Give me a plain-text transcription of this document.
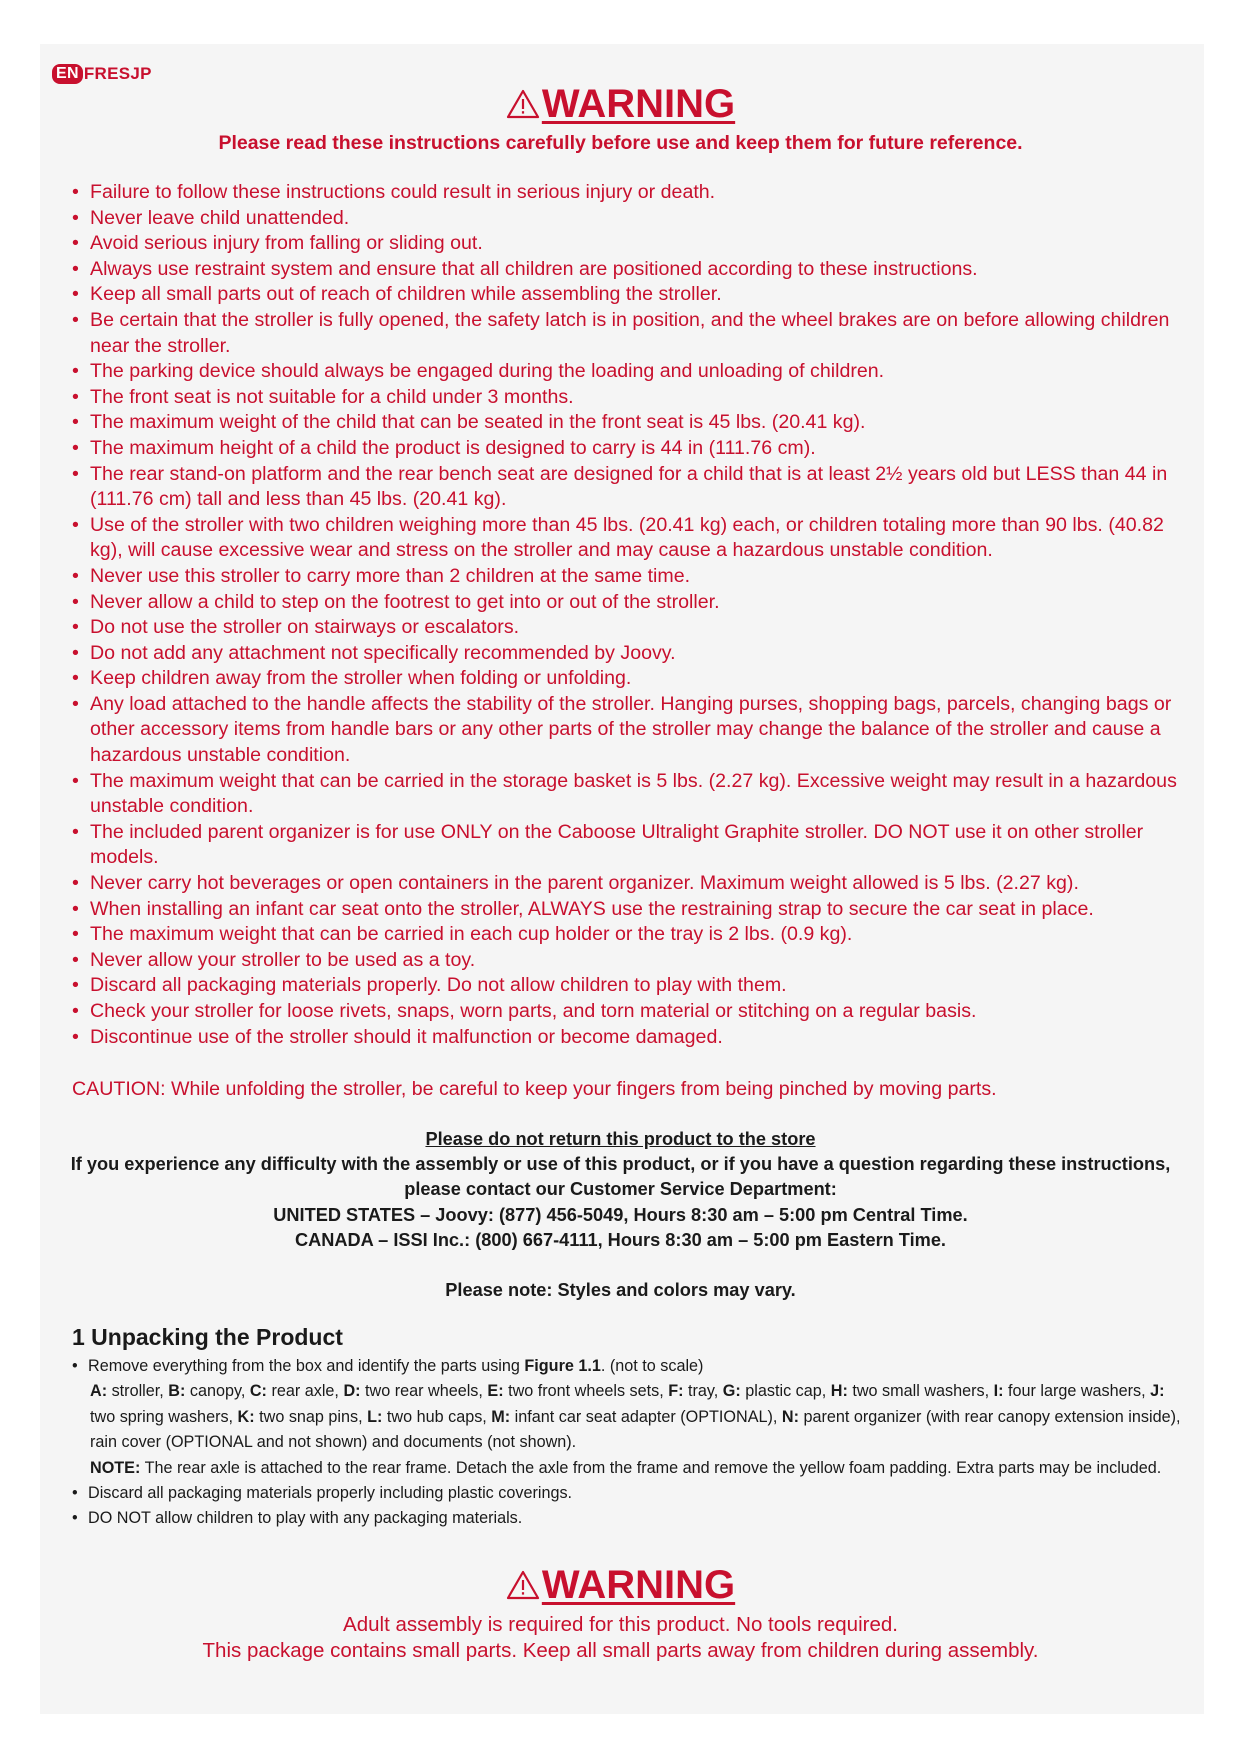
EN FRESJP
WARNING
Please read these instructions carefully before use and keep them for future reference.
• Failure to follow these instructions could result in serious injury or death.
• Never leave child unattended.
• Avoid serious injury from falling or sliding out.
• Always use restraint system and ensure that all children are positioned according to these instructions.
• Keep all small parts out of reach of children while assembling the stroller.
• Be certain that the stroller is fully opened, the safety latch is in position, and the wheel brakes are on before allowing children near the stroller.
• The parking device should always be engaged during the loading and unloading of children.
• The front seat is not suitable for a child under 3 months.
• The maximum weight of the child that can be seated in the front seat is 45 lbs. (20.41 kg).
• The maximum height of a child the product is designed to carry is 44 in (111.76 cm).
• The rear stand-on platform and the rear bench seat are designed for a child that is at least 2½ years old but LESS than 44 in (111.76 cm) tall and less than 45 lbs. (20.41 kg).
• Use of the stroller with two children weighing more than 45 lbs. (20.41 kg) each, or children totaling more than 90 lbs. (40.82 kg), will cause excessive wear and stress on the stroller and may cause a hazardous unstable condition.
• Never use this stroller to carry more than 2 children at the same time.
• Never allow a child to step on the footrest to get into or out of the stroller.
• Do not use the stroller on stairways or escalators.
• Do not add any attachment not specifically recommended by Joovy.
• Keep children away from the stroller when folding or unfolding.
• Any load attached to the handle affects the stability of the stroller. Hanging purses, shopping bags, parcels, changing bags or other accessory items from handle bars or any other parts of the stroller may change the balance of the stroller and cause a hazardous unstable condition.
• The maximum weight that can be carried in the storage basket is 5 lbs. (2.27 kg). Excessive weight may result in a hazardous unstable condition.
• The included parent organizer is for use ONLY on the Caboose Ultralight Graphite stroller. DO NOT use it on other stroller models.
• Never carry hot beverages or open containers in the parent organizer. Maximum weight allowed is 5 lbs. (2.27 kg).
• When installing an infant car seat onto the stroller, ALWAYS use the restraining strap to secure the car seat in place.
• The maximum weight that can be carried in each cup holder or the tray is 2 lbs. (0.9 kg).
• Never allow your stroller to be used as a toy.
• Discard all packaging materials properly. Do not allow children to play with them.
• Check your stroller for loose rivets, snaps, worn parts, and torn material or stitching on a regular basis.
• Discontinue use of the stroller should it malfunction or become damaged.
CAUTION: While unfolding the stroller, be careful to keep your fingers from being pinched by moving parts.
Please do not return this product to the store
If you experience any difficulty with the assembly or use of this product, or if you have a question regarding these instructions, please contact our Customer Service Department:
UNITED STATES – Joovy: (877) 456-5049, Hours 8:30 am – 5:00 pm Central Time.
CANADA – ISSI Inc.: (800) 667-4111, Hours 8:30 am – 5:00 pm Eastern Time.
Please note: Styles and colors may vary.
1 Unpacking the Product
• Remove everything from the box and identify the parts using Figure 1.1. (not to scale)
A: stroller, B: canopy, C: rear axle, D: two rear wheels, E: two front wheels sets, F: tray, G: plastic cap, H: two small washers, I: four large washers, J: two spring washers, K: two snap pins, L: two hub caps, M: infant car seat adapter (OPTIONAL), N: parent organizer (with rear canopy extension inside), rain cover (OPTIONAL and not shown) and documents (not shown).
NOTE: The rear axle is attached to the rear frame. Detach the axle from the frame and remove the yellow foam padding. Extra parts may be included.
• Discard all packaging materials properly including plastic coverings.
• DO NOT allow children to play with any packaging materials.
WARNING
Adult assembly is required for this product. No tools required.
This package contains small parts. Keep all small parts away from children during assembly.
